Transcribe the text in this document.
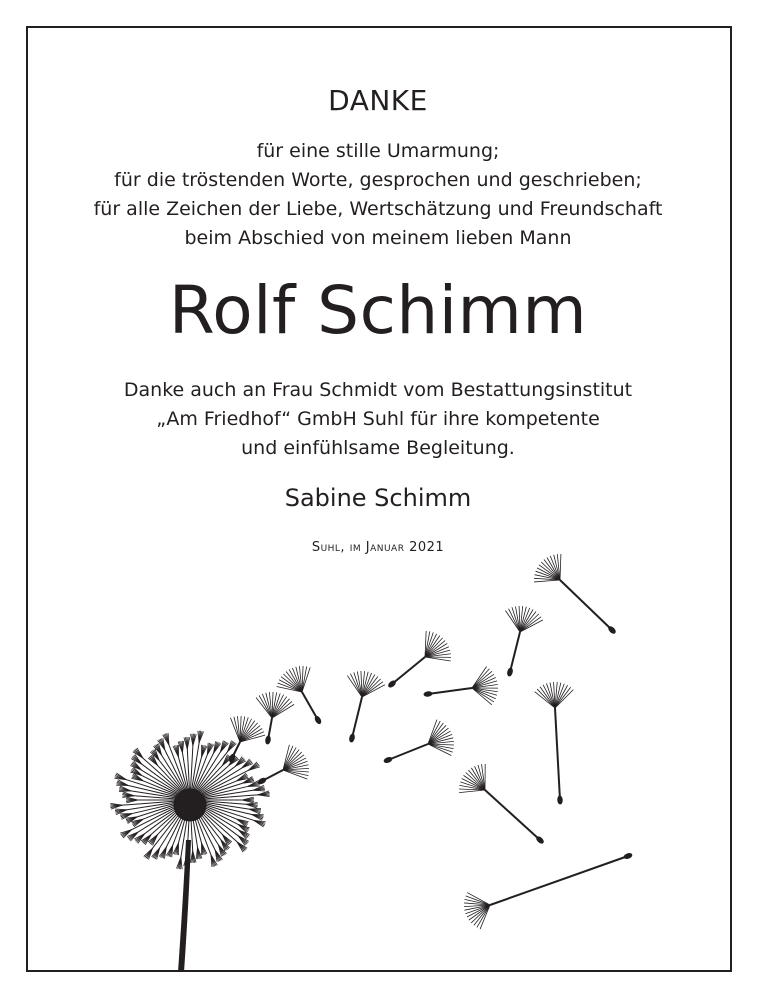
DANKE
für eine stille Umarmung;
für die tröstenden Worte, gesprochen und geschrieben;
für alle Zeichen der Liebe, Wertschätzung und Freundschaft
beim Abschied von meinem lieben Mann
Rolf Schimm
Danke auch an Frau Schmidt vom Bestattungsinstitut
„Am Friedhof“ GmbH Suhl für ihre kompetente
und einfühlsame Begleitung.
Sabine Schimm
Suhl, im Januar 2021
